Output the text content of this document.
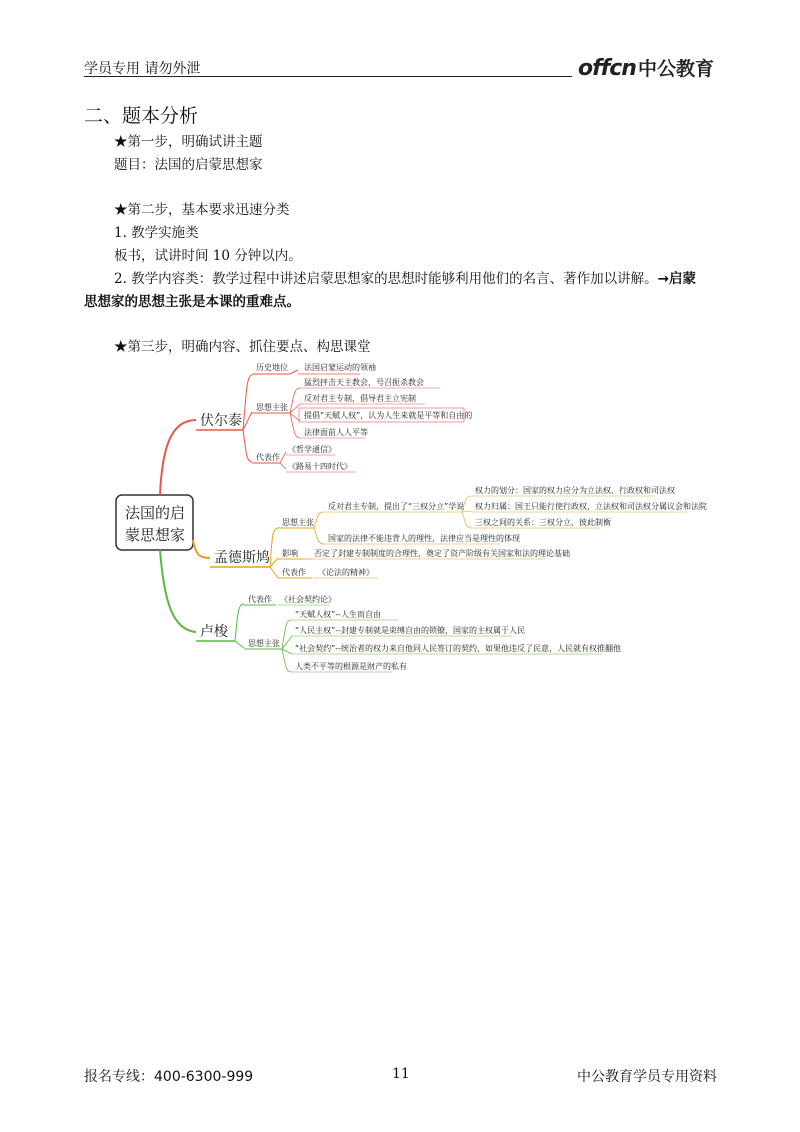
学员专用 请勿外泄	offcn 中公教育
二、题本分析
★第一步，明确试讲主题
题目：法国的启蒙思想家
★第二步，基本要求迅速分类
1. 教学实施类
板书，试讲时间 10 分钟以内。
2. 教学内容类：教学过程中讲述启蒙思想家的思想时能够利用他们的名言、著作加以讲解。→启蒙
思想家的思想主张是本课的重难点。
★第三步，明确内容、抓住要点、构思课堂
法国的启
蒙思想家
伏尔泰
历史地位 法国启蒙运动的领袖
思想主张
猛烈抨击天主教会，号召扼杀教会
反对君主专制，倡导君主立宪制
提倡“天赋人权”，认为人生来就是平等和自由的
法律面前人人平等
代表作
《哲学通信》
《路易十四时代》
孟德斯鸠
思想主张
反对君主专制，提出了“三权分立”学说
权力的划分：国家的权力应分为立法权、行政权和司法权
权力归属：国王只能行使行政权，立法权和司法权分属议会和法院
三权之间的关系：三权分立，彼此制衡
国家的法律不能违背人的理性，法律应当是理性的体现
影响 否定了封建专制制度的合理性，奠定了资产阶级有关国家和法的理论基础
代表作 《论法的精神》
卢梭
代表作 《社会契约论》
思想主张
“天赋人权”--人生而自由
“人民主权”--封建专制就是束缚自由的锁镣，国家的主权属于人民
“社会契约”--统治者的权力来自他同人民签订的契约，如果他违反了民意，人民就有权推翻他
人类不平等的根源是财产的私有
报名专线：400-6300-999	11	中公教育学员专用资料
